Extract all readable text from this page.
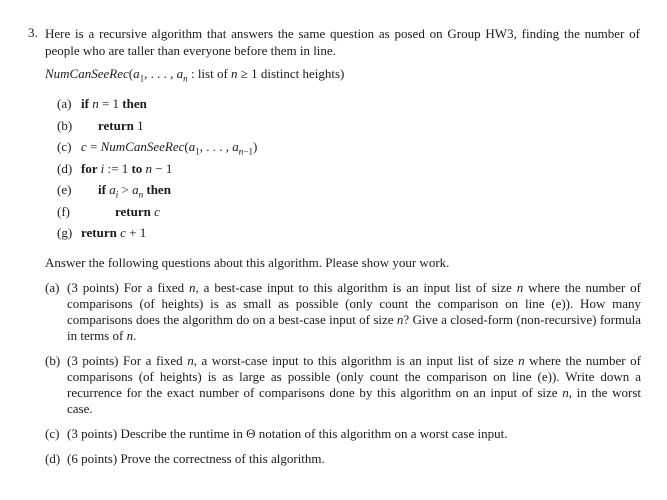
3. Here is a recursive algorithm that answers the same question as posed on Group HW3, finding the number of people who are taller than everyone before them in line.
$NumCanSeeRec(a_1$, . . . , $a_n$ : list of n ≥ 1 distinct heights)
(a) if n = 1 then
(b)	return 1
(c) $c = NumCanSeeRec(a_1$, . . . , $a_{n-1}$)
(d) for i := 1 to n − 1
(e)	if $a_i > a_n$ then
(f)	return c
(g) return c + 1
Answer the following questions about this algorithm. Please show your work.
(a) (3 points) For a fixed n, a best-case input to this algorithm is an input list of size n where the number of comparisons (of heights) is as small as possible (only count the comparison on line (e)). How many comparisons does the algorithm do on a best-case input of size n? Give a closed-form (non-recursive) formula in terms of n.
(b) (3 points) For a fixed n, a worst-case input to this algorithm is an input list of size n where the number of comparisons (of heights) is as large as possible (only count the comparison on line (e)). Write down a recurrence for the exact number of comparisons done by this algorithm on an input of size n, in the worst case.
(c) (3 points) Describe the runtime in Θ notation of this algorithm on a worst case input.
(d) (6 points) Prove the correctness of this algorithm.
